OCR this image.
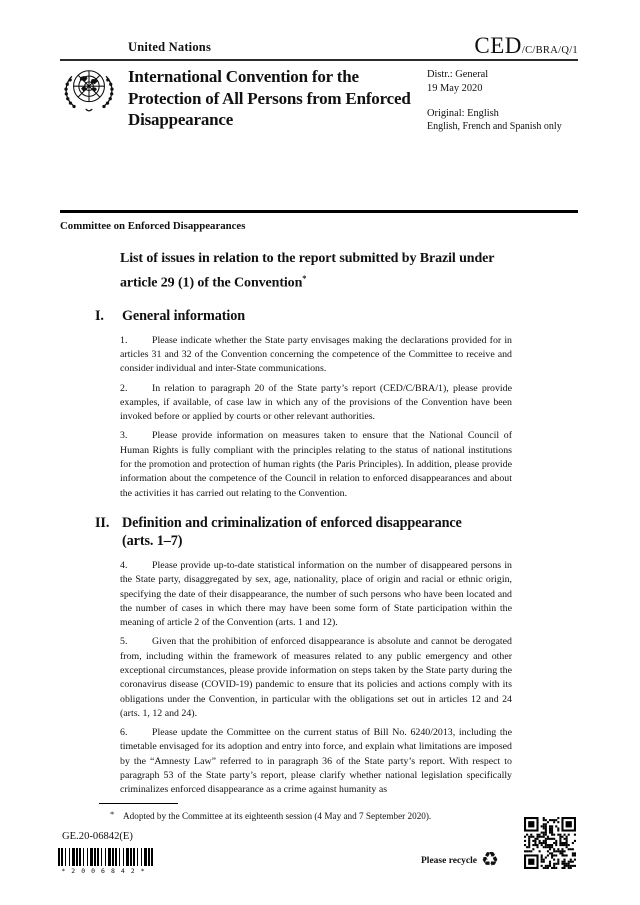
United Nations	CED/C/BRA/Q/1
International Convention for the Protection of All Persons from Enforced Disappearance
Distr.: General
19 May 2020
Original: English
English, French and Spanish only
Committee on Enforced Disappearances
List of issues in relation to the report submitted by Brazil under article 29 (1) of the Convention*
I.	General information

1. Please indicate whether the State party envisages making the declarations provided for in articles 31 and 32 of the Convention concerning the competence of the Committee to receive and consider individual and inter-State communications.

2. In relation to paragraph 20 of the State party’s report (CED/C/BRA/1), please provide examples, if available, of case law in which any of the provisions of the Convention have been invoked before or applied by courts or other relevant authorities.

3. Please provide information on measures taken to ensure that the National Council of Human Rights is fully compliant with the principles relating to the status of national institutions for the promotion and protection of human rights (the Paris Principles). In addition, please provide information about the competence of the Council in relation to enforced disappearances and about the activities it has carried out relating to the Convention.

II. Definition and criminalization of enforced disappearance
(arts. 1–7)

4. Please provide up-to-date statistical information on the number of disappeared persons in the State party, disaggregated by sex, age, nationality, place of origin and racial or ethnic origin, specifying the date of their disappearance, the number of such persons who have been located and the number of cases in which there may have been some form of State participation within the meaning of article 2 of the Convention (arts. 1 and 12).

5. Given that the prohibition of enforced disappearance is absolute and cannot be derogated from, including within the framework of measures related to any public emergency and other exceptional circumstances, please provide information on steps taken by the State party during the coronavirus disease (COVID-19) pandemic to ensure that its policies and actions comply with its obligations under the Convention, in particular with the obligations set out in articles 12 and 24 (arts. 1, 12 and 24).

6. Please update the Committee on the current status of Bill No. 6240/2013, including the timetable envisaged for its adoption and entry into force, and explain what limitations are imposed by the “Amnesty Law” referred to in paragraph 36 of the State party’s report. With respect to paragraph 53 of the State party’s report, please clarify whether national legislation specifically criminalizes enforced disappearance as a crime against humanity as

* Adopted by the Committee at its eighteenth session (4 May and 7 September 2020).
GE.20-06842(E)
*2006842*
Please recycle ♻
